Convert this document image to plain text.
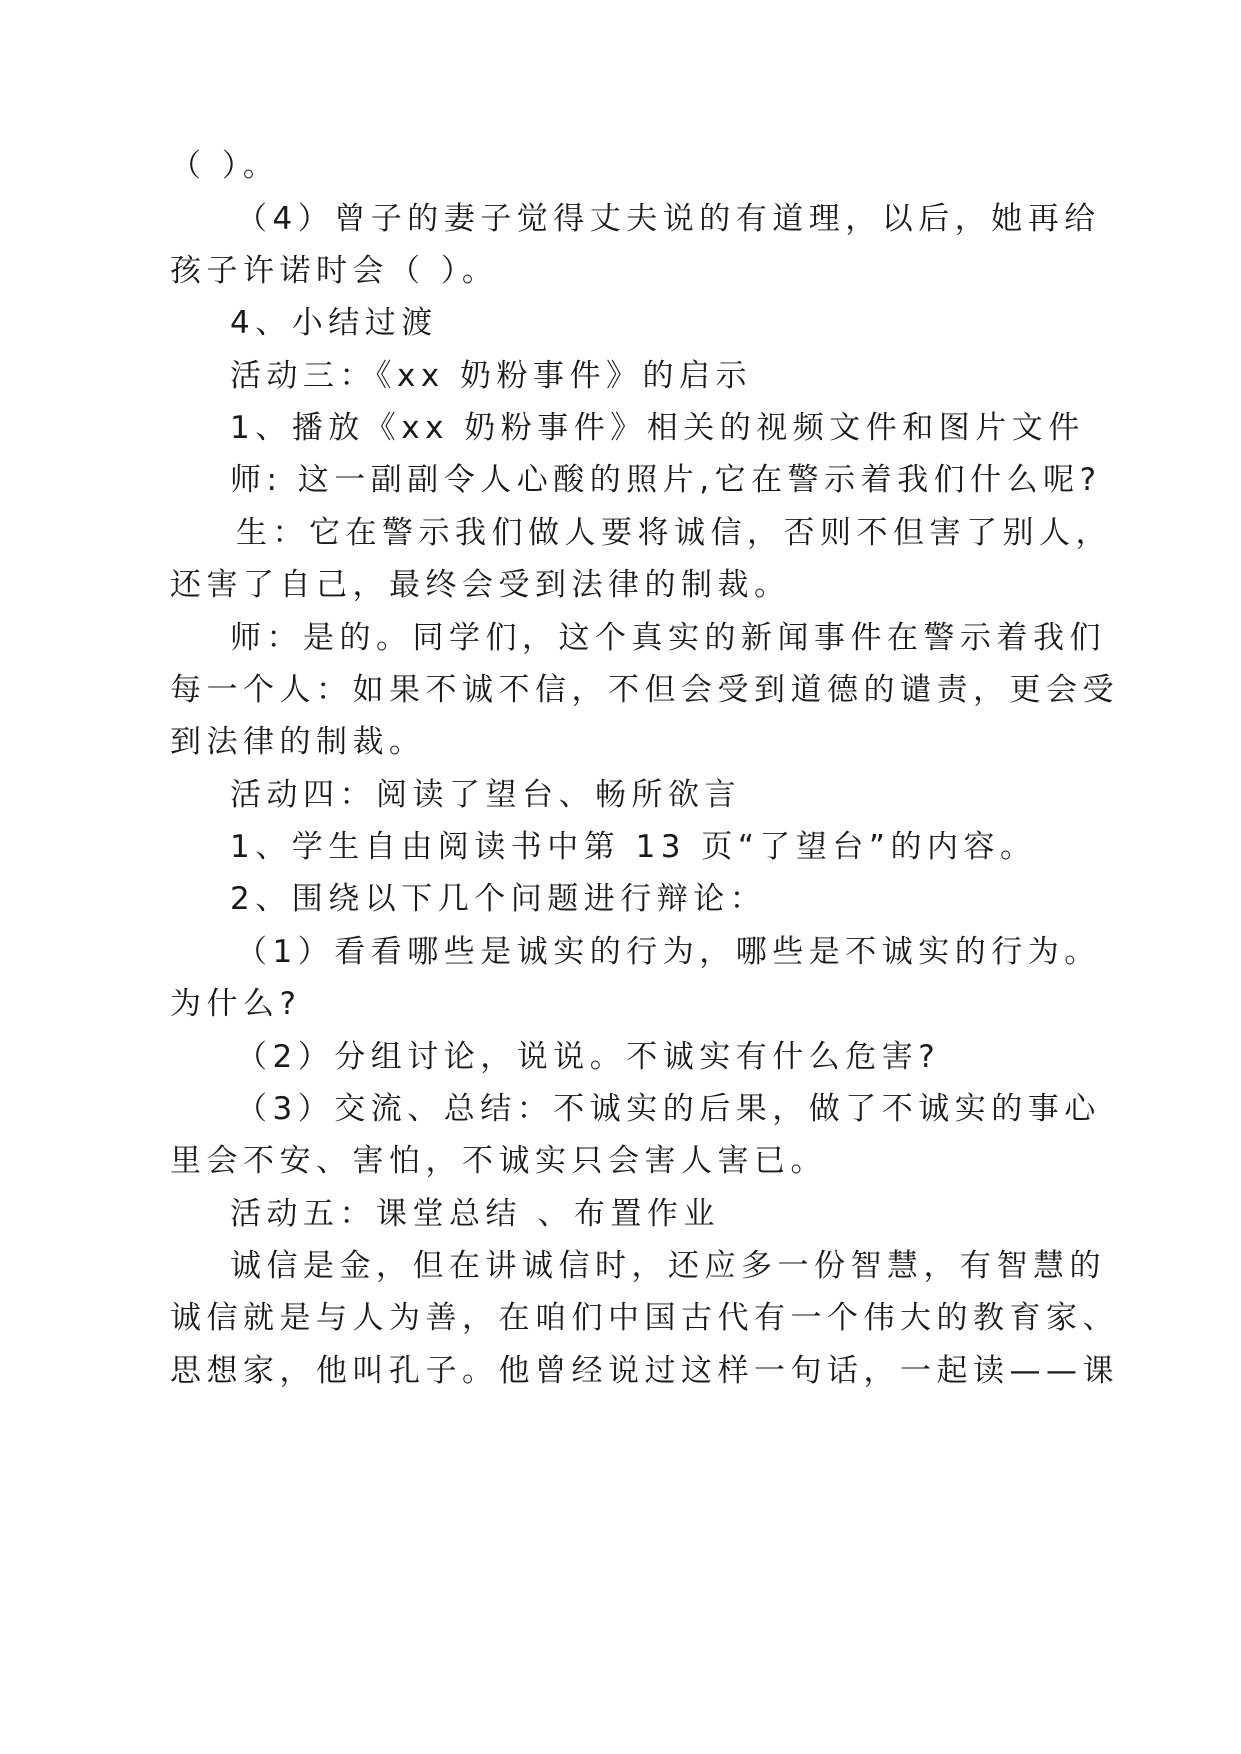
（ ）。
（4）曾子的妻子觉得丈夫说的有道理，以后，她再给
孩子许诺时会（ ）。
4、小结过渡
活动三：《xx 奶粉事件》的启示
1、播放《xx 奶粉事件》相关的视频文件和图片文件
师: 这一副副令人心酸的照片,它在警示着我们什么呢?
生：它在警示我们做人要将诚信，否则不但害了别人，
还害了自己，最终会受到法律的制裁。
师：是的。同学们，这个真实的新闻事件在警示着我们
每一个人：如果不诚不信，不但会受到道德的谴责，更会受
到法律的制裁。
活动四：阅读了望台、畅所欲言
1、学生自由阅读书中第 13 页“了望台”的内容。
2、围绕以下几个问题进行辩论：
（1）看看哪些是诚实的行为，哪些是不诚实的行为。
为什么?
（2）分组讨论，说说。不诚实有什么危害?
（3）交流、总结：不诚实的后果，做了不诚实的事心
里会不安、害怕，不诚实只会害人害已。
活动五：课堂总结 、布置作业
诚信是金，但在讲诚信时，还应多一份智慧，有智慧的
诚信就是与人为善，在咱们中国古代有一个伟大的教育家、
思想家，他叫孔子。他曾经说过这样一句话，一起读——课
